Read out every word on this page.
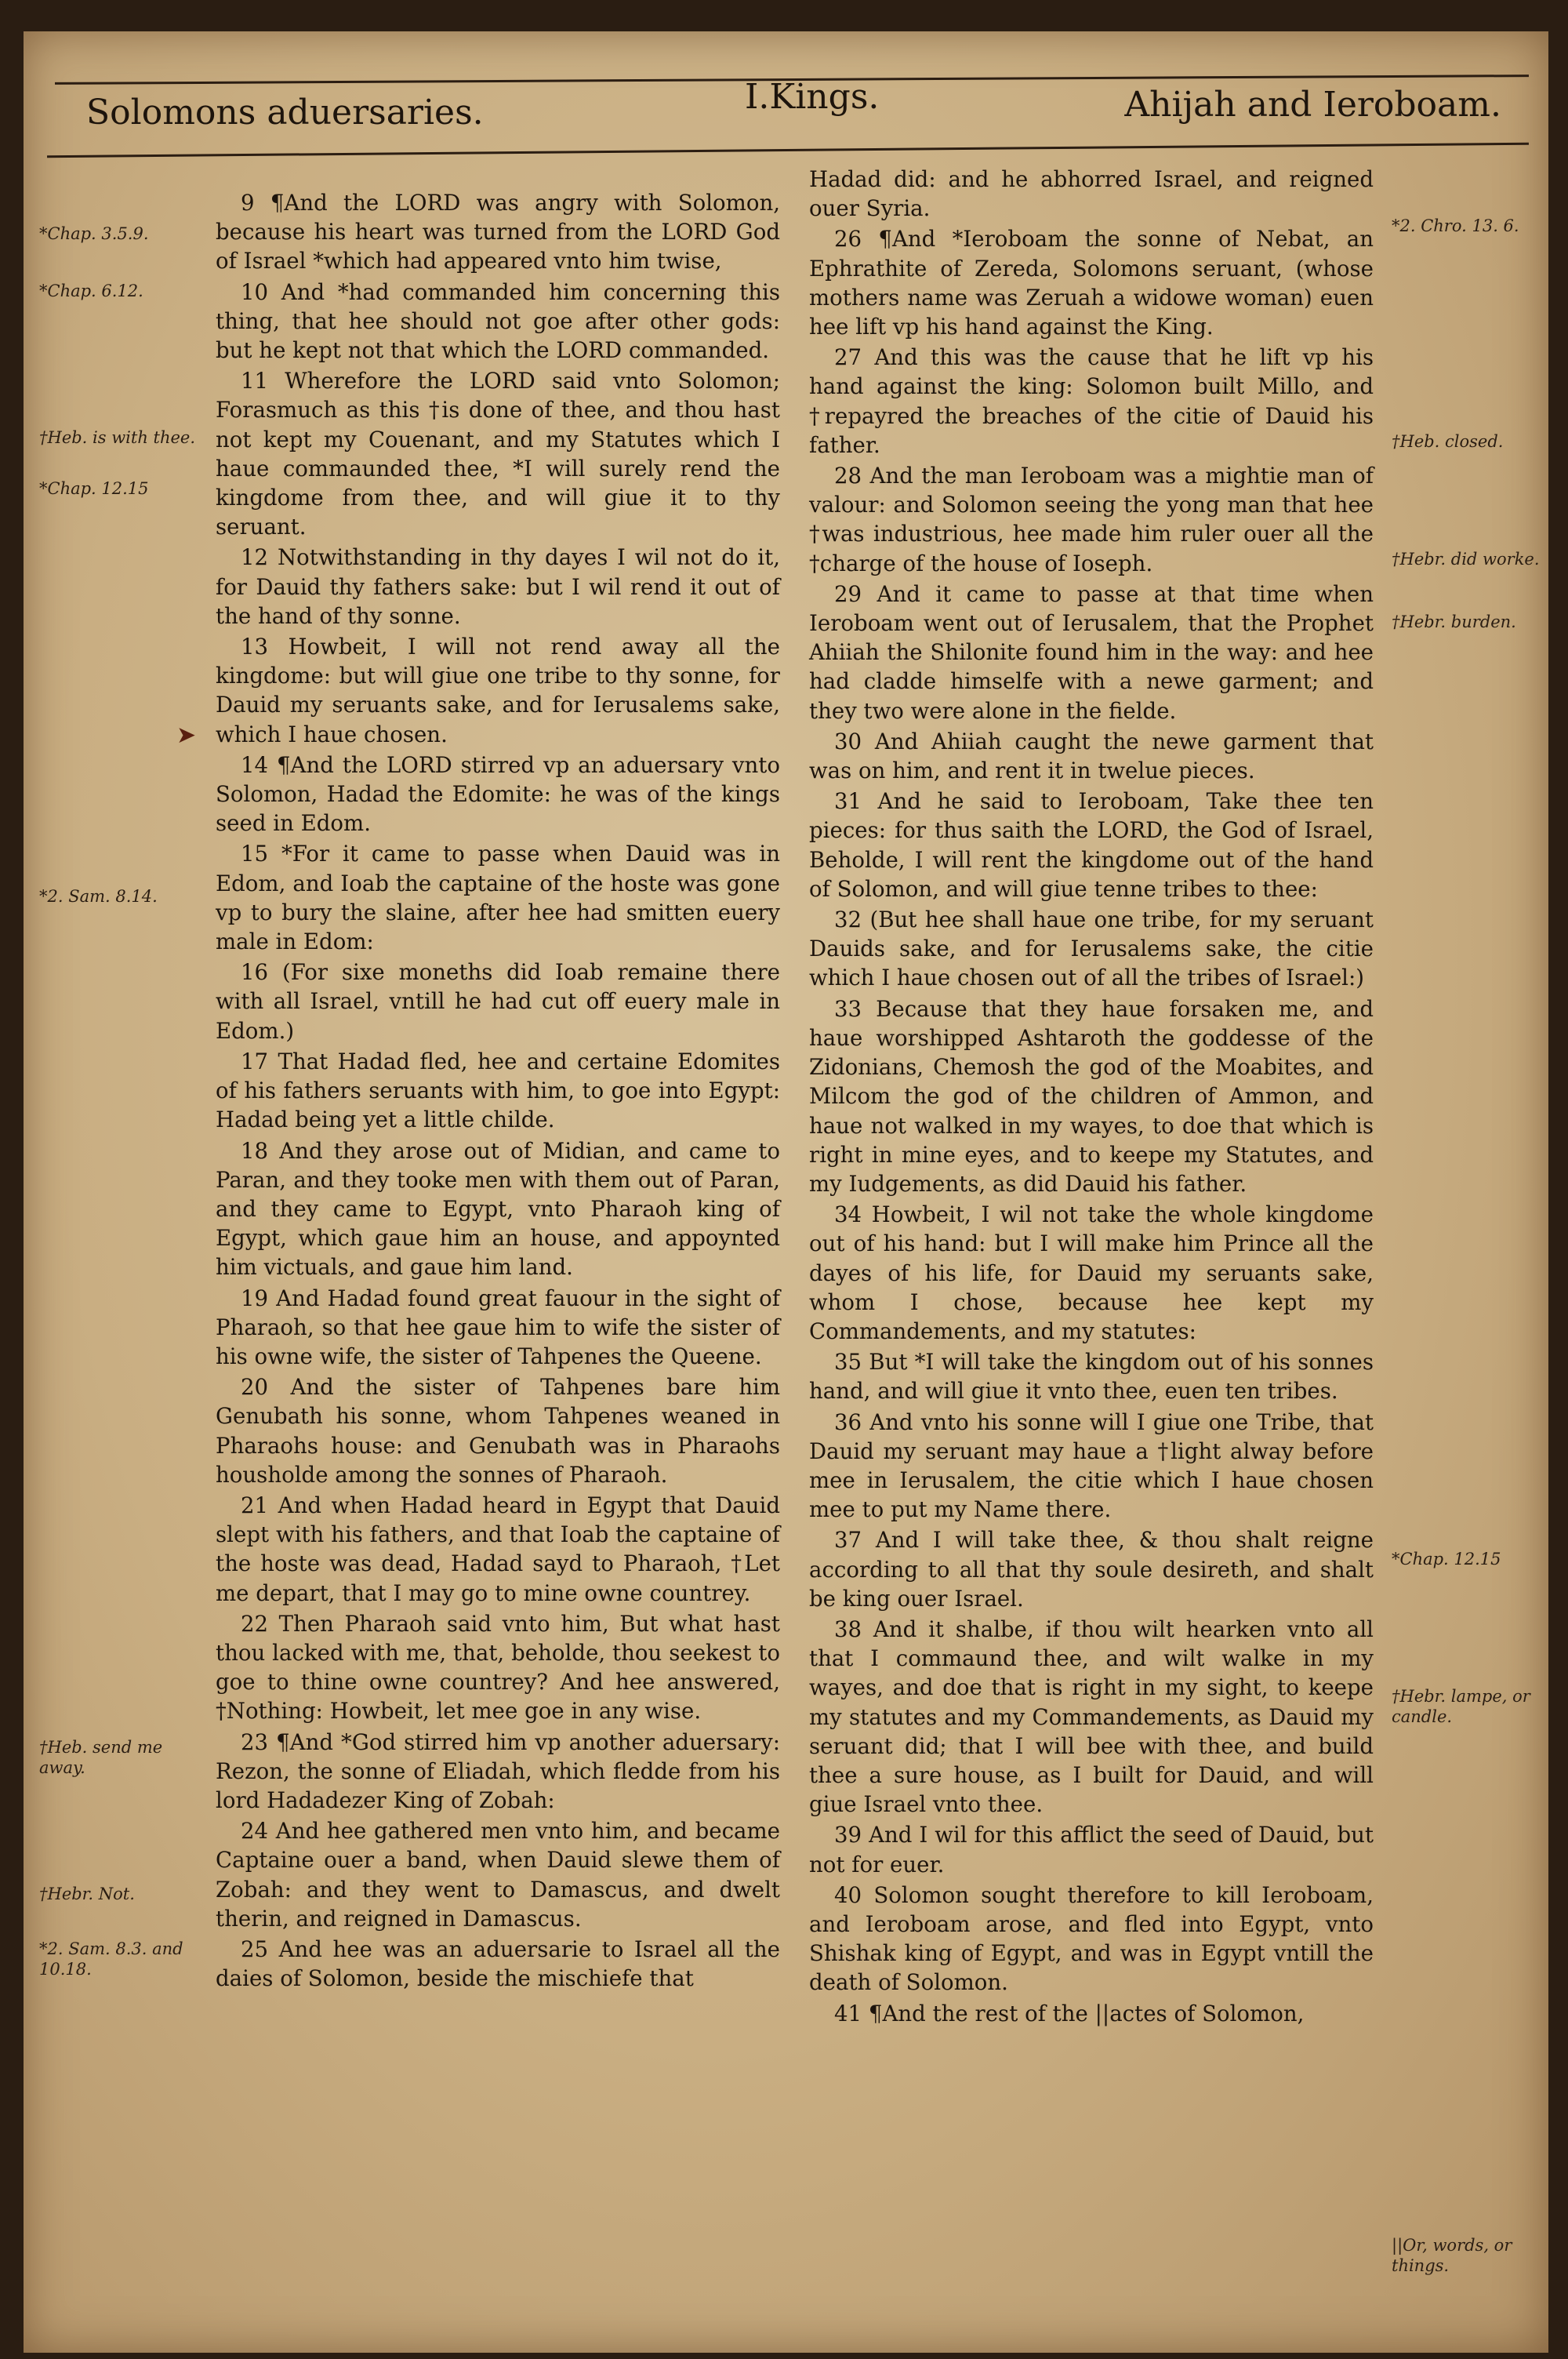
Solomons aduersaries.	I.Kings.	Ahijah and Ieroboam.

9 ¶And the LORD was angry with Solomon, because his heart was turned from the LORD God of Israel *which had appeared vnto him twise,

10 And *had commanded him concerning this thing, that hee should not goe after other gods: but he kept not that which the LORD commanded.

11 Wherefore the LORD said vnto Solomon; Forasmuch as this †is done of thee, and thou hast not kept my Couenant, and my Statutes which I haue commaunded thee, *I will surely rend the kingdome from thee, and will giue it to thy seruant.

12 Notwithstanding in thy dayes I wil not do it, for Dauid thy fathers sake: but I wil rend it out of the hand of thy sonne.

13 Howbeit, I will not rend away all the kingdome: but will giue one tribe to thy sonne, for Dauid my seruants sake, and for Ierusalems sake, which I haue chosen.

14 ¶And the LORD stirred vp an aduersary vnto Solomon, Hadad the Edomite: he was of the kings seed in Edom.

15 *For it came to passe when Dauid was in Edom, and Ioab the captaine of the hoste was gone vp to bury the slaine, after hee had smitten euery male in Edom:

16 (For sixe moneths did Ioab remaine there with all Israel, vntill he had cut off euery male in Edom.)

17 That Hadad fled, hee and certaine Edomites of his fathers seruants with him, to goe into Egypt: Hadad being yet a little childe.

18 And they arose out of Midian, and came to Paran, and they tooke men with them out of Paran, and they came to Egypt, vnto Pharaoh king of Egypt, which gaue him an house, and appoynted him victuals, and gaue him land.

19 And Hadad found great fauour in the sight of Pharaoh, so that hee gaue him to wife the sister of his owne wife, the sister of Tahpenes the Queene.

20 And the sister of Tahpenes bare him Genubath his sonne, whom Tahpenes weaned in Pharaohs house: and Genubath was in Pharaohs housholde among the sonnes of Pharaoh.

21 And when Hadad heard in Egypt that Dauid slept with his fathers, and that Ioab the captaine of the hoste was dead, Hadad sayd to Pharaoh, †Let me depart, that I may go to mine owne countrey.

22 Then Pharaoh said vnto him, But what hast thou lacked with me, that, beholde, thou seekest to goe to thine owne countrey? And hee answered, †Nothing: Howbeit, let mee goe in any wise.

23 ¶And *God stirred him vp another aduersary: Rezon, the sonne of Eliadah, which fledde from his lord Hadadezer King of Zobah:

24 And hee gathered men vnto him, and became Captaine ouer a band, when Dauid slewe them of Zobah: and they went to Damascus, and dwelt therin, and reigned in Damascus.

25 And hee was an aduersarie to Israel all the daies of Solomon, beside the mischiefe that

Hadad did: and he abhorred Israel, and reigned ouer Syria.

26 ¶And *Ieroboam the sonne of Nebat, an Ephrathite of Zereda, Solomons seruant, (whose mothers name was Zeruah a widowe woman) euen hee lift vp his hand against the King.

27 And this was the cause that he lift vp his hand against the king: Solomon built Millo, and †repayred the breaches of the citie of Dauid his father.

28 And the man Ieroboam was a mightie man of valour: and Solomon seeing the yong man that hee †was industrious, hee made him ruler ouer all the †charge of the house of Ioseph.

29 And it came to passe at that time when Ieroboam went out of Ierusalem, that the Prophet Ahiiah the Shilonite found him in the way: and hee had cladde himselfe with a newe garment; and they two were alone in the fielde.

30 And Ahiiah caught the newe garment that was on him, and rent it in twelue pieces.

31 And he said to Ieroboam, Take thee ten pieces: for thus saith the LORD, the God of Israel, Beholde, I will rent the kingdome out of the hand of Solomon, and will giue tenne tribes to thee:

32 (But hee shall haue one tribe, for my seruant Dauids sake, and for Ierusalems sake, the citie which I haue chosen out of all the tribes of Israel:)

33 Because that they haue forsaken me, and haue worshipped Ashtaroth the goddesse of the Zidonians, Chemosh the god of the Moabites, and Milcom the god of the children of Ammon, and haue not walked in my wayes, to doe that which is right in mine eyes, and to keepe my Statutes, and my Iudgements, as did Dauid his father.

34 Howbeit, I wil not take the whole kingdome out of his hand: but I will make him Prince all the dayes of his life, for Dauid my seruants sake, whom I chose, because hee kept my Commandements, and my statutes:

35 But *I will take the kingdom out of his sonnes hand, and will giue it vnto thee, euen ten tribes.

36 And vnto his sonne will I giue one Tribe, that Dauid my seruant may haue a †light alway before mee in Ierusalem, the citie which I haue chosen mee to put my Name there.

37 And I will take thee, & thou shalt reigne according to all that thy soule desireth, and shalt be king ouer Israel.

38 And it shalbe, if thou wilt hearken vnto all that I commaund thee, and wilt walke in my wayes, and doe that is right in my sight, to keepe my statutes and my Commandements, as Dauid my seruant did; that I will bee with thee, and build thee a sure house, as I built for Dauid, and will giue Israel vnto thee.

39 And I wil for this afflict the seed of Dauid, but not for euer.

40 Solomon sought therefore to kill Ieroboam, and Ieroboam arose, and fled into Egypt, vnto Shishak king of Egypt, and was in Egypt vntill the death of Solomon.

41 ¶And the rest of the ||actes of Solomon,

*Chap. 3.5.9.
*Chap. 6.12.
†Heb. is with thee.
*Chap. 12.15
*2. Sam. 8.14.
†Heb. send me away.
†Hebr. Not.
*2. Sam. 8.3. and 10.18.
➤
*2. Chro. 13. 6.
†Heb. closed.
†Hebr. did worke.
†Hebr. burden.
*Chap. 12.15
†Hebr. lampe, or candle.
||Or, words, or things.
